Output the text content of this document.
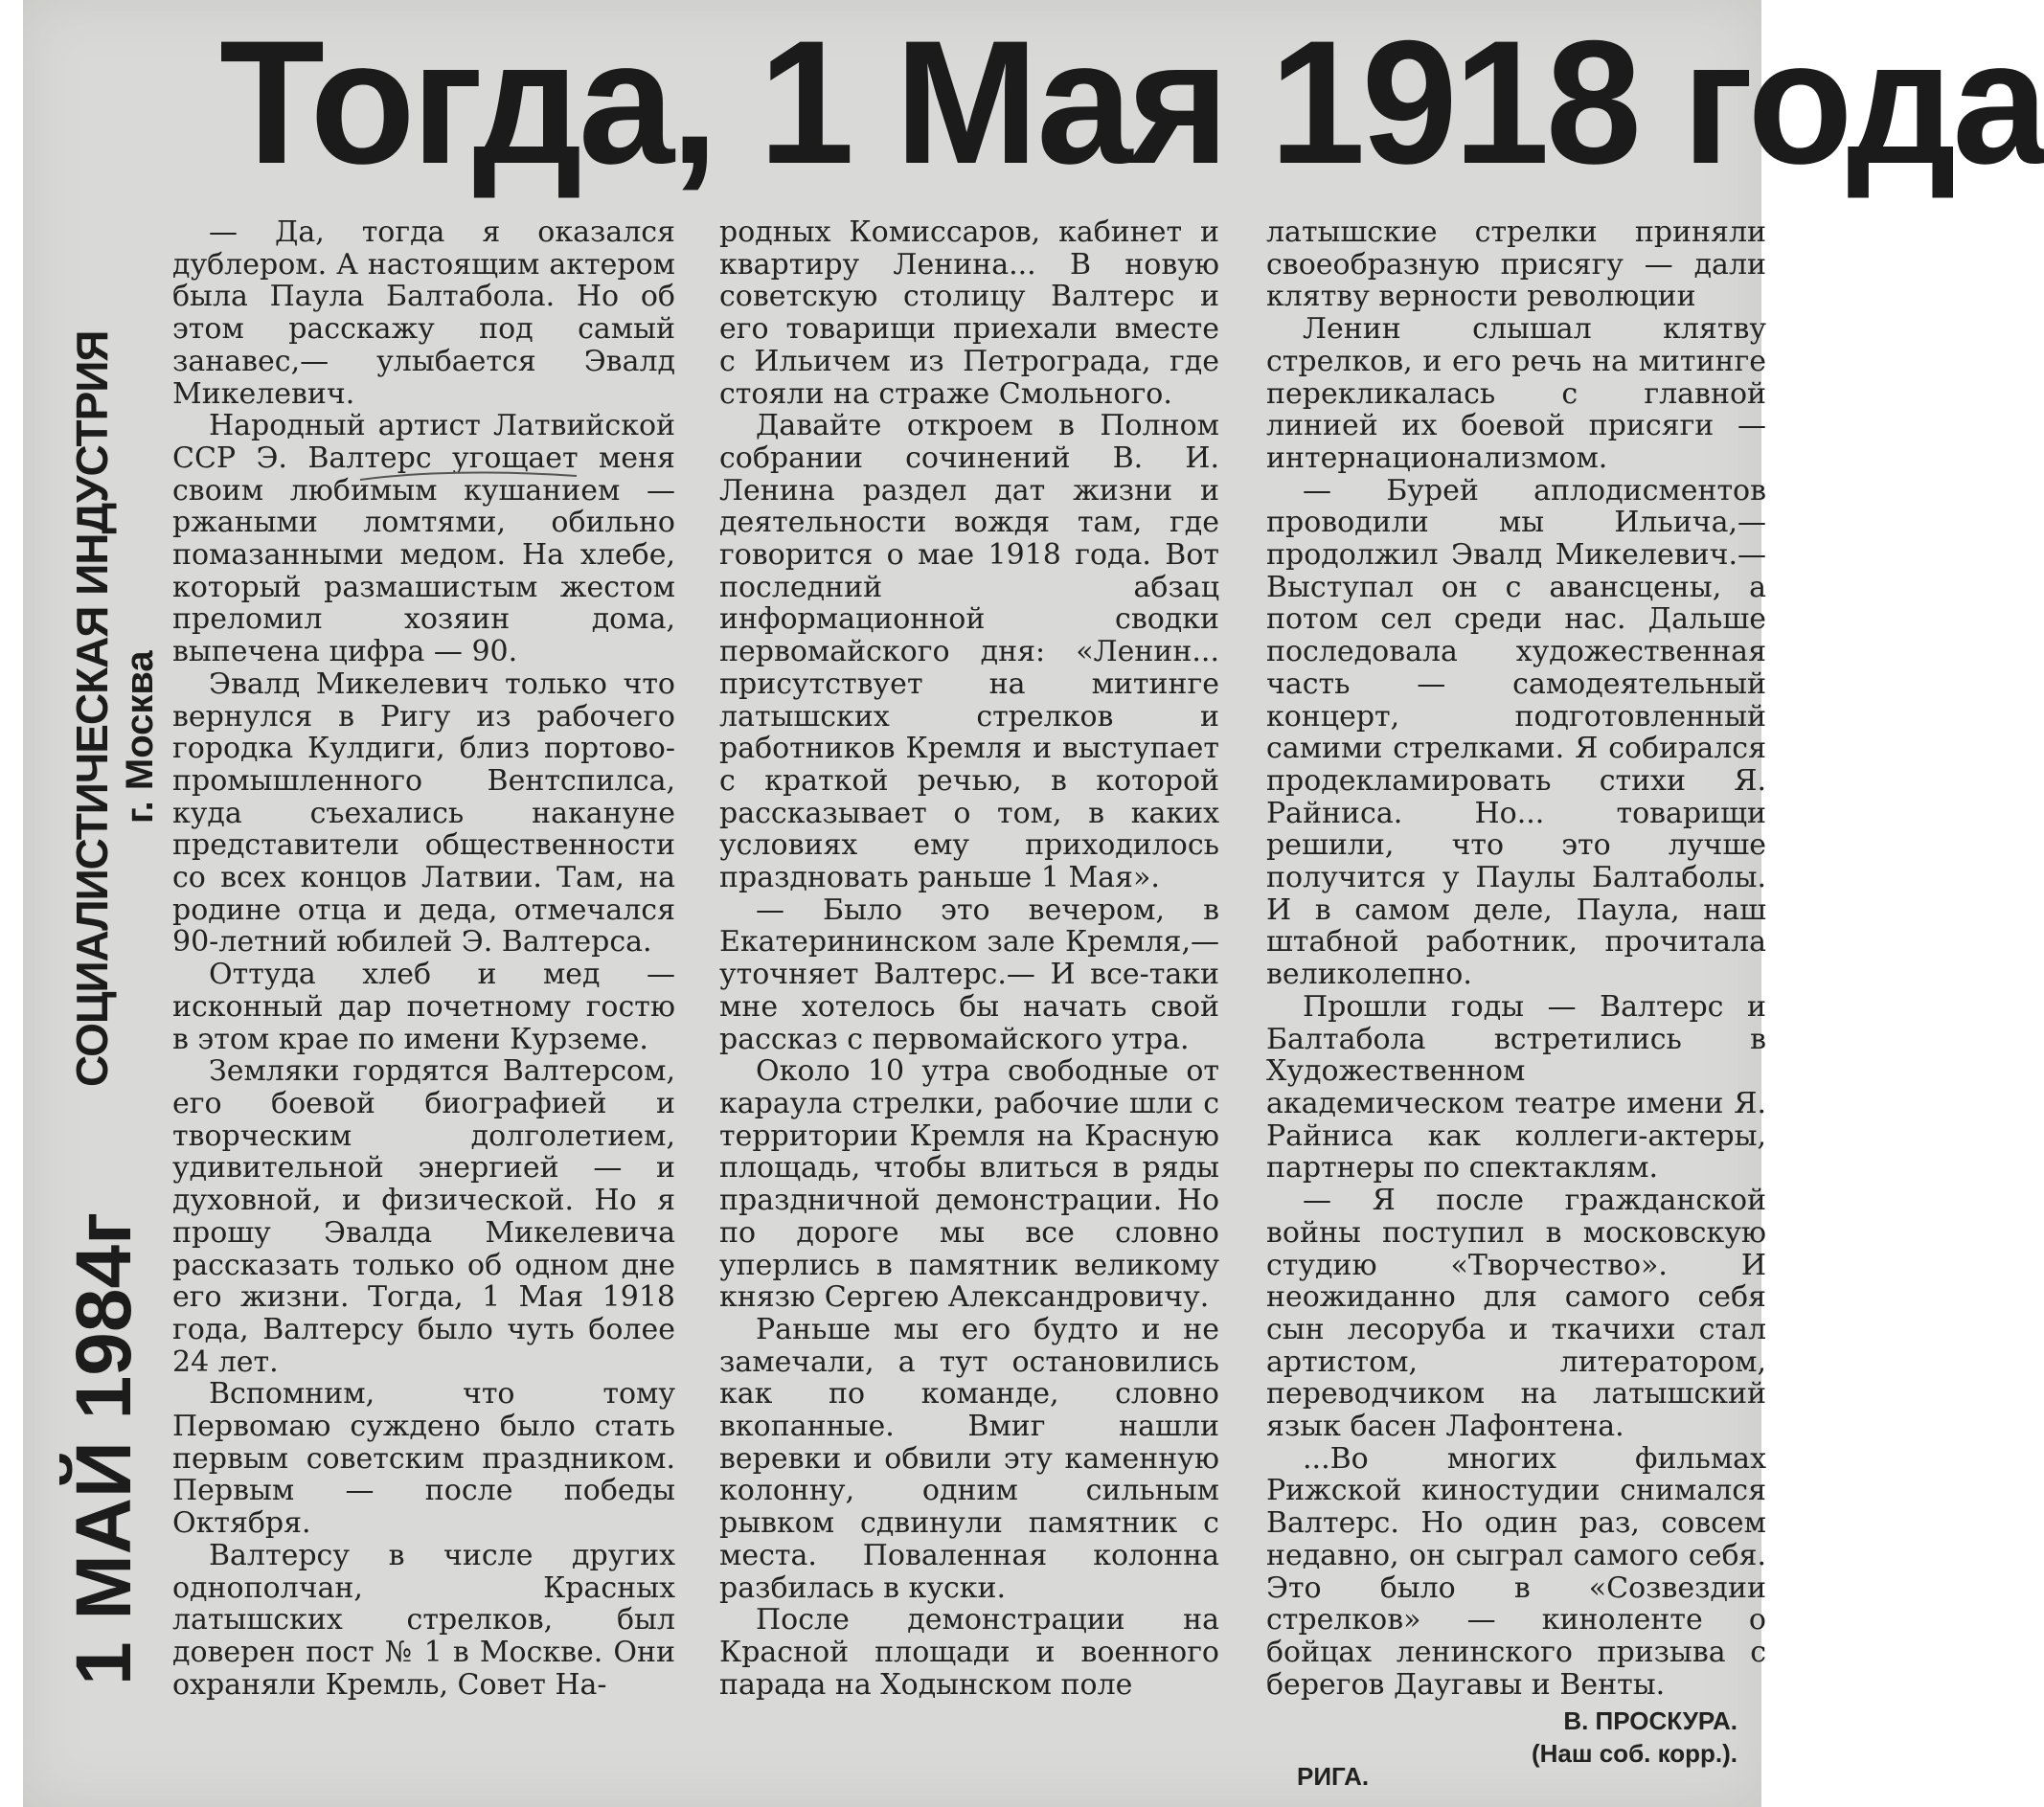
Тогда, 1 Мая 1918 года
1 МАЙ 1984г
СОЦИАЛИСТИЧЕСКАЯ ИНДУСТРИЯ г. Москва

— Да, тогда я оказался дублером. А настоящим актером была Паула Балтабола. Но об этом расскажу под самый занавес,— улыбается Эвалд Микелевич.

Народный артист Латвийской ССР Э. Валтерс угощает меня своим любимым кушанием — ржаными ломтями, обильно помазанными медом. На хлебе, который размашистым жестом преломил хозяин дома, выпечена цифра — 90.

Эвалд Микелевич только что вернулся в Ригу из рабочего городка Кулдиги, близ портово-промышленного Вентспилса, куда съехались накануне представители общественности со всех концов Латвии. Там, на родине отца и деда, отмечался 90-летний юбилей Э. Валтерса.

Оттуда хлеб и мед — исконный дар почетному гостю в этом крае по имени Курземе.

Земляки гордятся Валтерсом, его боевой биографией и творческим долголетием, удивительной энергией — и духовной, и физической. Но я прошу Эвалда Микелевича рассказать только об одном дне его жизни. Тогда, 1 Мая 1918 года, Валтерсу было чуть более 24 лет.

Вспомним, что тому Первомаю суждено было стать первым советским праздником. Первым — после победы Октября.

Валтерсу в числе других однополчан, Красных латышских стрелков, был доверен пост № 1 в Москве. Они охраняли Кремль, Совет На-

родных Комиссаров, кабинет и квартиру Ленина... В новую советскую столицу Валтерс и его товарищи приехали вместе с Ильичем из Петрограда, где стояли на страже Смольного.

Давайте откроем в Полном собрании сочинений В. И. Ленина раздел дат жизни и деятельности вождя там, где говорится о мае 1918 года. Вот последний абзац информационной сводки первомайского дня: «Ленин... присутствует на митинге латышских стрелков и работников Кремля и выступает с краткой речью, в которой рассказывает о том, в каких условиях ему приходилось праздновать раньше 1 Мая».

— Было это вечером, в Екатерининском зале Кремля,— уточняет Валтерс.— И все-таки мне хотелось бы начать свой рассказ с первомайского утра.

Около 10 утра свободные от караула стрелки, рабочие шли с территории Кремля на Красную площадь, чтобы влиться в ряды праздничной демонстрации. Но по дороге мы все словно уперлись в памятник великому князю Сергею Александровичу.

Раньше мы его будто и не замечали, а тут остановились как по команде, словно вкопанные. Вмиг нашли веревки и обвили эту каменную колонну, одним сильным рывком сдвинули памятник с места. Поваленная колонна разбилась в куски.

После демонстрации на Красной площади и военного парада на Ходынском поле

латышские стрелки приняли своеобразную присягу — дали клятву верности революции

Ленин слышал клятву стрелков, и его речь на митинге перекликалась с главной линией их боевой присяги — интернационализмом.

— Бурей аплодисментов проводили мы Ильича,— продолжил Эвалд Микелевич.— Выступал он с авансцены, а потом сел среди нас. Дальше последовала художественная часть — самодеятельный концерт, подготовленный самими стрелками. Я собирался продекламировать стихи Я. Райниса. Но... товарищи решили, что это лучше получится у Паулы Балтаболы. И в самом деле, Паула, наш штабной работник, прочитала великолепно.

Прошли годы — Валтерс и Балтабола встретились в Художественном академическом театре имени Я. Райниса как коллеги-актеры, партнеры по спектаклям.

— Я после гражданской войны поступил в московскую студию «Творчество». И неожиданно для самого себя сын лесоруба и ткачихи стал артистом, литератором, переводчиком на латышский язык басен Лафонтена.

...Во многих фильмах Рижской киностудии снимался Валтерс. Но один раз, совсем недавно, он сыграл самого себя. Это было в «Созвездии стрелков» — киноленте о бойцах ленинского призыва с берегов Даугавы и Венты.

РИГА.
В. ПРОСКУРА.
(Наш соб. корр.).
